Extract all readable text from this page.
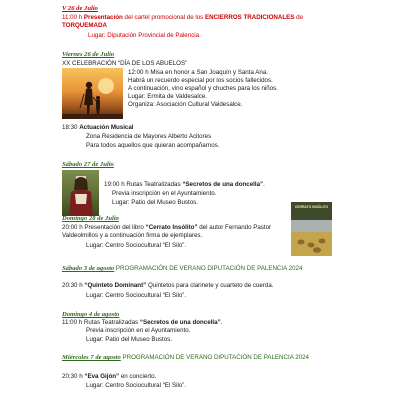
V 26 de Julio
11:00 h Presentación del cartel promocional de los ENCIERROS TRADICIONALES de
TORQUEMADA
Lugar: Diputación Provincial de Palencia.
Viernes 26 de Julio
XX CELEBRACIÓN “DÍA DE LOS ABUELOS”
12:00 h Misa en honor a San Joaquín y Santa Ana.
Habrá un recuerdo especial por los socios fallecidos.
A continuación, vino español y chuches para los niños.
Lugar: Ermita de Valdesalce.
Organiza: Asociación Cultural Valdesalce.
18:30 Actuación Musical
Zona Residencia de Mayores Alberto Acitores
Para todos aquellos que quieran acompañarnos.
Sábado 27 de Julio
19:00 h Rutas Teatralizadas “Secretos de una doncella”.
Previa inscripción en el Ayuntamiento.
Lugar: Patio del Museo Bustos.
Domingo 28 de Julio
20:00 h Presentación del libro “Cerrato Insólito” del autor Fernando Pastor
Valdeolmillos y a continuación firma de ejemplares.
Lugar: Centro Sociocultural “El Silo”.
CERRATO INSÓLITO
Sábado 3 de agosto PROGRAMACIÓN DE VERANO DIPUTACIÓN DE PALENCIA 2024
20:30 h “Quinteto Dominant” Quintetos para clarinete y cuarteto de cuerda.
Lugar: Centro Sociocultural “El Silo”.
Domingo 4 de agosto
11:00 h Rutas Teatralizadas “Secretos de una doncella”.
Previa inscripción en el Ayuntamiento.
Lugar: Patio del Museo Bustos.
Miércoles 7 de agosto PROGRAMACIÓN DE VERANO DIPUTACIÓN DE PALENCIA 2024
20:30 h “Eva Gijón” en concierto.
Lugar: Centro Sociocultural “El Silo”.
